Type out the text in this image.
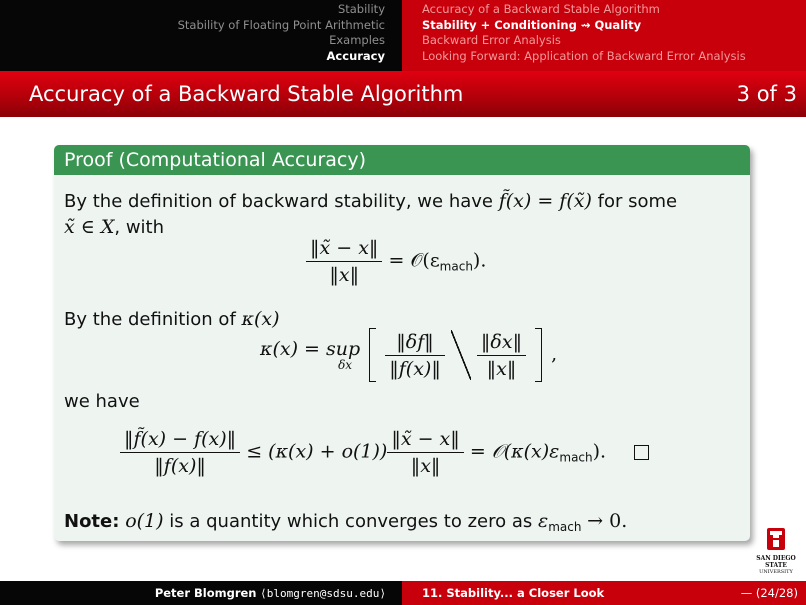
Stability
Stability of Floating Point Arithmetic
Examples
Accuracy
Accuracy of a Backward Stable Algorithm
Stability + Conditioning ⇝ Quality
Backward Error Analysis
Looking Forward: Application of Backward Error Analysis
Accuracy of a Backward Stable Algorithm	3 of 3
Proof (Computational Accuracy)
By the definition of backward stability, we have f̃(x) = f(x̃) for some
x̃ ∈ X, with
$\frac{‖x̃ - x‖}{‖x‖}$ = $𝒪(\varepsilon_{mach})$.
By the definition of κ(x)
κ(x) = sup
δx
	$\frac{‖\delta f‖}{‖f(x)‖}$
$\frac{‖\delta x‖}{‖x‖}$ ,
we have
$\frac{‖f̃(x) - f(x)‖}{‖f(x)‖} \le (\kappa(x) + o(1)) \frac{‖x̃ - x‖}{‖x‖}$ = $𝒪(\kappa(x)\varepsilon_{mach})$.
Note: o(1) is a quantity which converges to zero as $\varepsilon_{mach} \to 0$.
SAN DIEGO STATE
UNIVERSITY
Peter Blomgren ⟨blomgren@sdsu.edu⟩	11. Stability... a Closer Look	— (24/28)
